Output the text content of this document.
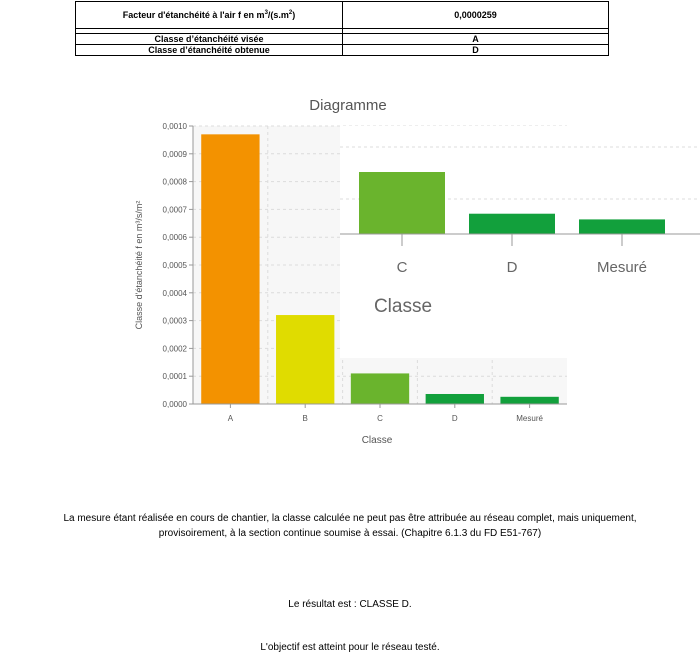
Facteur d'étanchéité à l'air f en $m^3/(s.m^2)$	0,0000259

Classe d’étanchéité visée	A
Classe d’étanchéité obtenue	D
Diagramme
0,0000
0,0001
0,0002
0,0003
0,0004
0,0005
0,0006
0,0007
0,0008
0,0009
0,0010
A	B	C	D	Mesuré
Classe
Classe d'étanchéité f en m³/s/m²	C	D	Mesuré
Classe
La mesure étant réalisée en cours de chantier, la classe calculée ne peut pas être attribuée au réseau complet, mais uniquement, provisoirement, à la section continue soumise à essai. (Chapitre 6.1.3 du FD E51-767)
Le résultat est : CLASSE D.
L'objectif est atteint pour le réseau testé.
